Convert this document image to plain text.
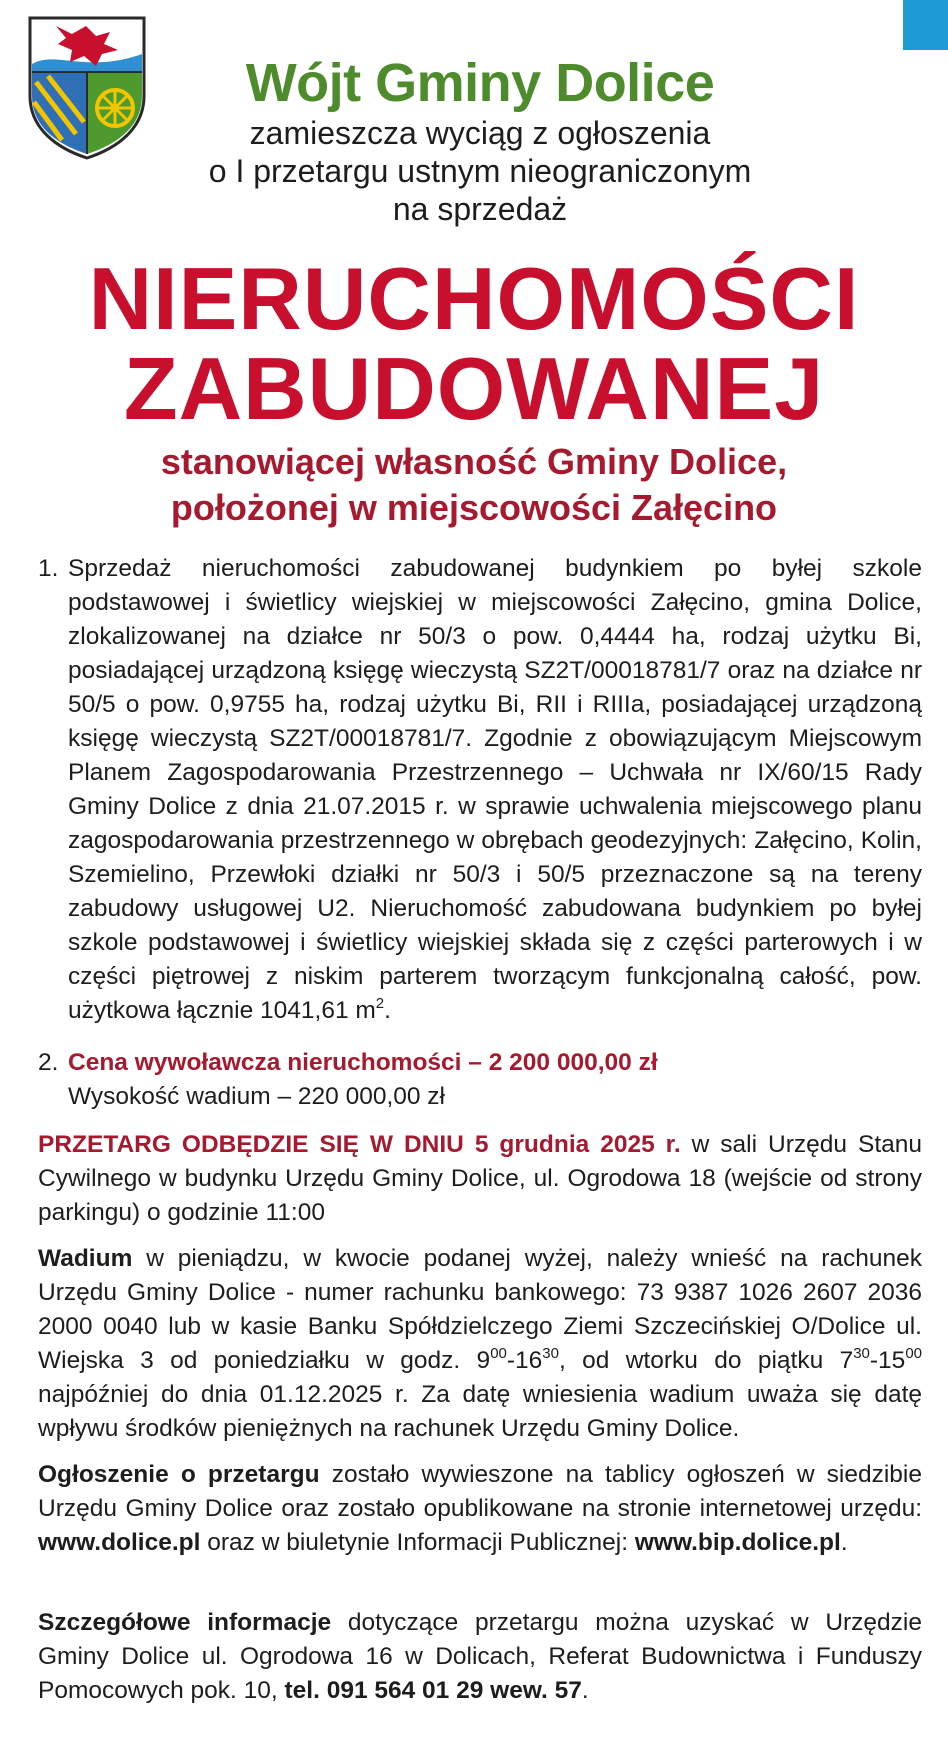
Wójt Gminy Dolice
zamieszcza wyciąg z ogłoszenia
o I przetargu ustnym nieograniczonym
na sprzedaż
NIERUCHOMOŚCI
ZABUDOWANEJ
stanowiącej własność Gminy Dolice,
położonej w miejscowości Załęcino
1. Sprzedaż nieruchomości zabudowanej budynkiem po byłej szkole podstawowej i świetlicy wiejskiej w miejscowości Załęcino, gmina Dolice, zlokalizowanej na działce nr 50/3 o pow. 0,4444 ha, rodzaj użytku Bi, posiadającej urządzoną księgę wieczystą SZ2T/00018781/7 oraz na działce nr 50/5 o pow. 0,9755 ha, rodzaj użytku Bi, RII i RIIIa, posiadającej urządzoną księgę wieczystą SZ2T/00018781/7. Zgodnie z obowiązującym Miejscowym Planem Zagospodarowania Przestrzennego – Uchwała nr IX/60/15 Rady Gminy Dolice z dnia 21.07.2015 r. w sprawie uchwalenia miejscowego planu zagospodarowania przestrzennego w obrębach geodezyjnych: Załęcino, Kolin, Szemielino, Przewłoki działki nr 50/3 i 50/5 przeznaczone są na tereny zabudowy usługowej U2. Nieruchomość zabudowana budynkiem po byłej szkole podstawowej i świetlicy wiejskiej składa się z części parterowych i w części piętrowej z niskim parterem tworzącym funkcjonalną całość, pow. użytkowa łącznie 1041,61 $m^2$.
2. Cena wywoławcza nieruchomości – 2 200 000,00 zł
Wysokość wadium – 220 000,00 zł
PRZETARG ODBĘDZIE SIĘ W DNIU 5 grudnia 2025 r. w sali Urzędu Stanu Cywilnego w budynku Urzędu Gminy Dolice, ul. Ogrodowa 18 (wejście od strony parkingu) o godzinie 11:00
Wadium w pieniądzu, w kwocie podanej wyżej, należy wnieść na rachunek Urzędu Gminy Dolice - numer rachunku bankowego: 73 9387 1026 2607 2036 2000 0040 lub w kasie Banku Spółdzielczego Ziemi Szczecińskiej O/Dolice ul. Wiejska 3 od poniedziałku w godz. $9^{00}-16^{30}$, od wtorku do piątku $7^{30}-15^{00}$ najpóźniej do dnia 01.12.2025 r. Za datę wniesienia wadium uważa się datę wpływu środków pieniężnych na rachunek Urzędu Gminy Dolice.
Ogłoszenie o przetargu zostało wywieszone na tablicy ogłoszeń w siedzibie Urzędu Gminy Dolice oraz zostało opublikowane na stronie internetowej urzędu: www.dolice.pl oraz w biuletynie Informacji Publicznej: www.bip.dolice.pl.
Szczegółowe informacje dotyczące przetargu można uzyskać w Urzędzie Gminy Dolice ul. Ogrodowa 16 w Dolicach, Referat Budownictwa i Funduszy Pomocowych pok. 10, tel. 091 564 01 29 wew. 57.
